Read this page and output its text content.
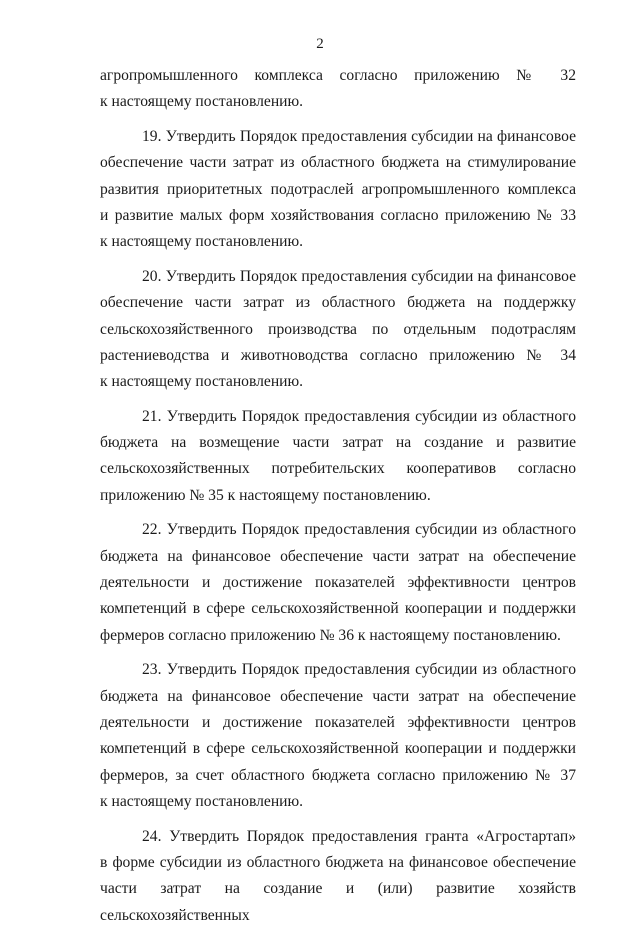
2
агропромышленного комплекса согласно приложению № 32
к настоящему постановлению.
19. Утвердить Порядок предоставления субсидии на финансовое
обеспечение части затрат из областного бюджета на стимулирование
развития приоритетных подотраслей агропромышленного комплекса
и развитие малых форм хозяйствования согласно приложению № 33
к настоящему постановлению.
20. Утвердить Порядок предоставления субсидии на финансовое
обеспечение части затрат из областного бюджета на поддержку
сельскохозяйственного производства по отдельным подотраслям
растениеводства и животноводства согласно приложению № 34
к настоящему постановлению.
21. Утвердить Порядок предоставления субсидии из областного
бюджета на возмещение части затрат на создание и развитие
сельскохозяйственных потребительских кооперативов согласно
приложению № 35 к настоящему постановлению.
22. Утвердить Порядок предоставления субсидии из областного
бюджета на финансовое обеспечение части затрат на обеспечение
деятельности и достижение показателей эффективности центров
компетенций в сфере сельскохозяйственной кооперации и поддержки
фермеров согласно приложению № 36 к настоящему постановлению.
23. Утвердить Порядок предоставления субсидии из областного
бюджета на финансовое обеспечение части затрат на обеспечение
деятельности и достижение показателей эффективности центров
компетенций в сфере сельскохозяйственной кооперации и поддержки
фермеров, за счет областного бюджета согласно приложению № 37
к настоящему постановлению.
24. Утвердить Порядок предоставления гранта «Агростартап»
в форме субсидии из областного бюджета на финансовое обеспечение
части затрат на создание и (или) развитие хозяйств сельскохозяйственных
